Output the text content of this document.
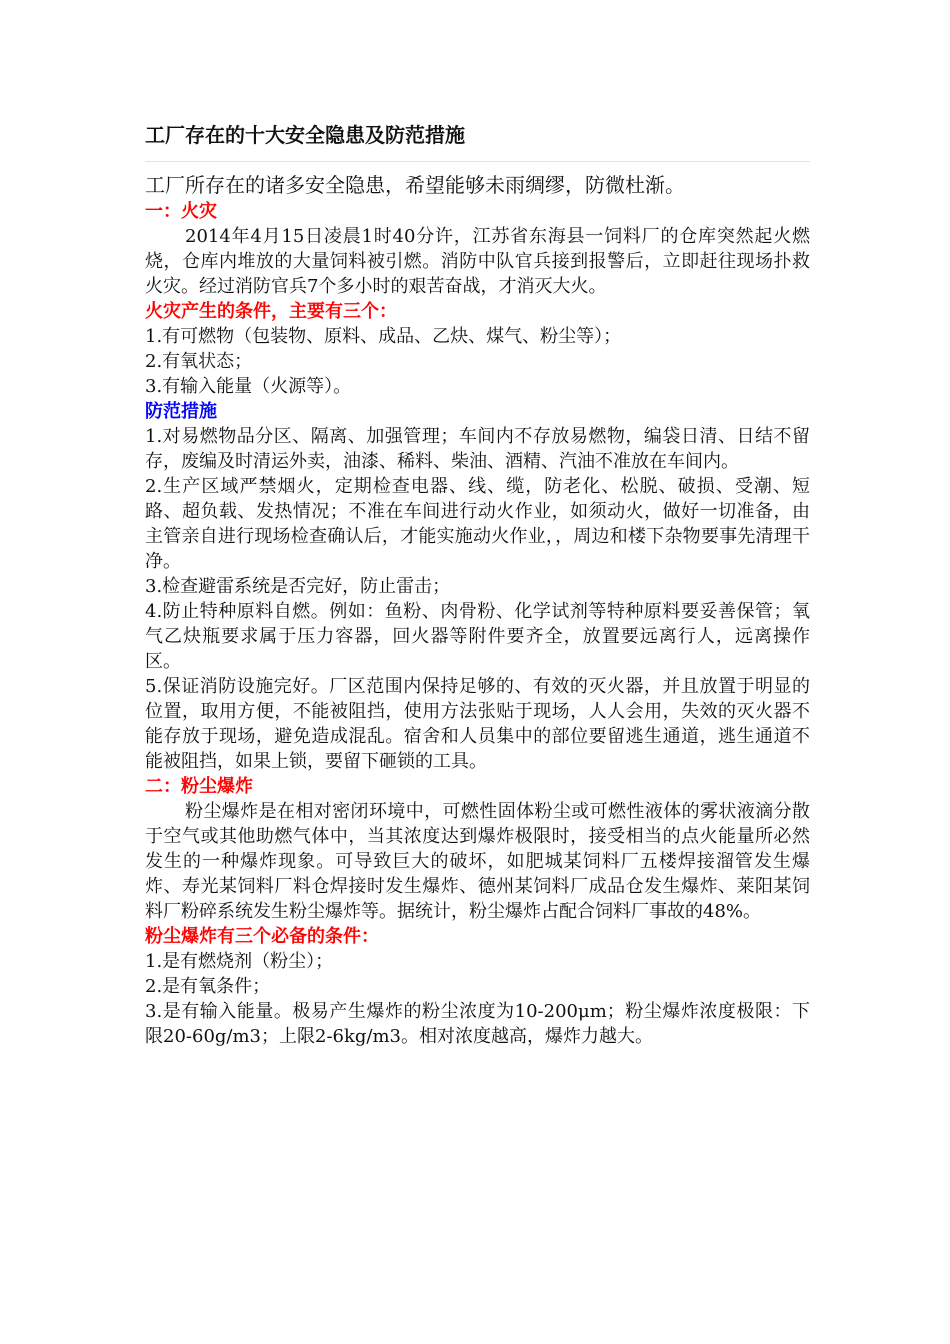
工厂存在的十大安全隐患及防范措施

工厂所存在的诸多安全隐患，希望能够未雨绸缪，防微杜渐。

一：火灾

2014年4月15日凌晨1时40分许，江苏省东海县一饲料厂的仓库突然起火燃烧，仓库内堆放的大量饲料被引燃。消防中队官兵接到报警后，立即赶往现场扑救火灾。经过消防官兵7个多小时的艰苦奋战，才消灭大火。

火灾产生的条件，主要有三个：

1.有可燃物（包装物、原料、成品、乙炔、煤气、粉尘等）；

2.有氧状态；

3.有输入能量（火源等）。

防范措施

1.对易燃物品分区、隔离、加强管理；车间内不存放易燃物，编袋日清、日结不留存，废编及时清运外卖，油漆、稀料、柴油、酒精、汽油不准放在车间内。

2.生产区域严禁烟火，定期检查电器、线、缆，防老化、松脱、破损、受潮、短路、超负载、发热情况；不准在车间进行动火作业，如须动火，做好一切准备，由主管亲自进行现场检查确认后，才能实施动火作业，，周边和楼下杂物要事先清理干净。

3.检查避雷系统是否完好，防止雷击；

4.防止特种原料自燃。例如：鱼粉、肉骨粉、化学试剂等特种原料要妥善保管；氧气乙炔瓶要求属于压力容器，回火器等附件要齐全，放置要远离行人，远离操作区。

5.保证消防设施完好。厂区范围内保持足够的、有效的灭火器，并且放置于明显的位置，取用方便，不能被阻挡，使用方法张贴于现场，人人会用，失效的灭火器不能存放于现场，避免造成混乱。宿舍和人员集中的部位要留逃生通道，逃生通道不能被阻挡，如果上锁，要留下砸锁的工具。

二：粉尘爆炸

粉尘爆炸是在相对密闭环境中，可燃性固体粉尘或可燃性液体的雾状液滴分散于空气或其他助燃气体中，当其浓度达到爆炸极限时，接受相当的点火能量所必然发生的一种爆炸现象。可导致巨大的破坏，如肥城某饲料厂五楼焊接溜管发生爆炸、寿光某饲料厂料仓焊接时发生爆炸、德州某饲料厂成品仓发生爆炸、莱阳某饲料厂粉碎系统发生粉尘爆炸等。据统计，粉尘爆炸占配合饲料厂事故的48%。

粉尘爆炸有三个必备的条件：

1.是有燃烧剂（粉尘）；

2.是有氧条件；

3.是有输入能量。极易产生爆炸的粉尘浓度为10-200μm；粉尘爆炸浓度极限：下限20-60g/m3；上限2-6kg/m3。相对浓度越高，爆炸力越大。
